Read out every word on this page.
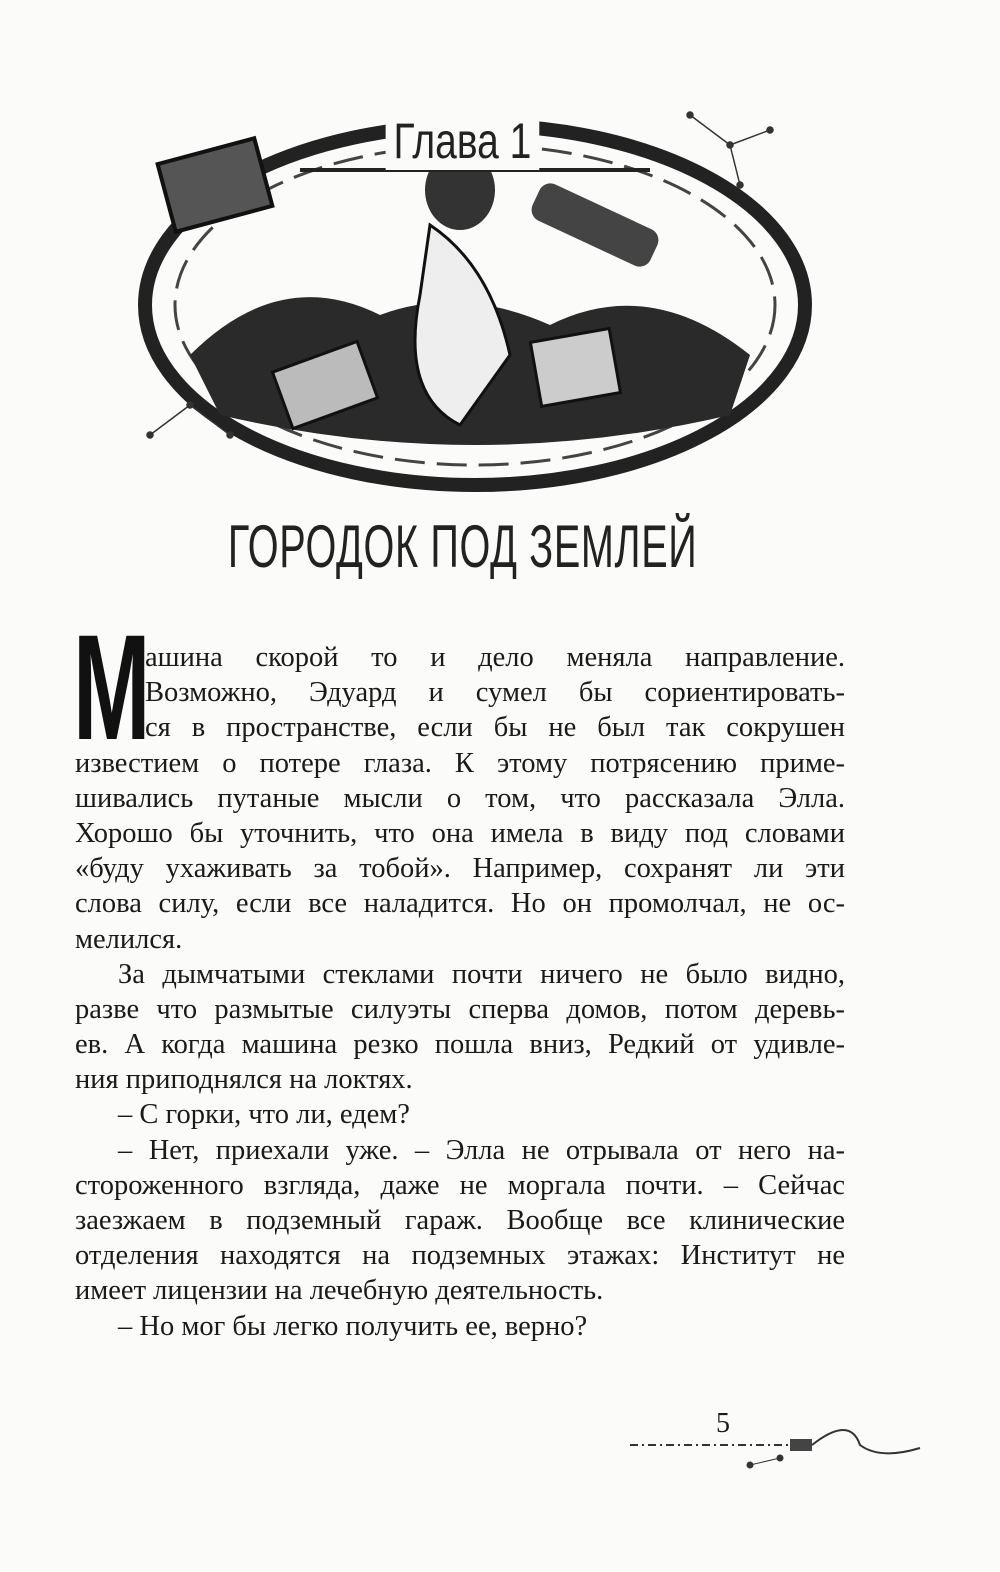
Глава 1
ГОРОДОК ПОД ЗЕМЛЕЙ
М
ашина скорой то и дело меняла направление.
Возможно, Эдуард и сумел бы сориентировать-
ся в пространстве, если бы не был так сокрушен
известием о потере глаза. К этому потрясению приме-
шивались путаные мысли о том, что рассказала Элла.
Хорошо бы уточнить, что она имела в виду под словами
«буду ухаживать за тобой». Например, сохранят ли эти
слова силу, если все наладится. Но он промолчал, не ос-
мелился.
За дымчатыми стеклами почти ничего не было видно,
разве что размытые силуэты сперва домов, потом деревь-
ев. А когда машина резко пошла вниз, Редкий от удивле-
ния приподнялся на локтях.
– С горки, что ли, едем?
– Нет, приехали уже. – Элла не отрывала от него на-
стороженного взгляда, даже не моргала почти. – Сейчас
заезжаем в подземный гараж. Вообще все клинические
отделения находятся на подземных этажах: Институт не
имеет лицензии на лечебную деятельность.
– Но мог бы легко получить ее, верно?
5
